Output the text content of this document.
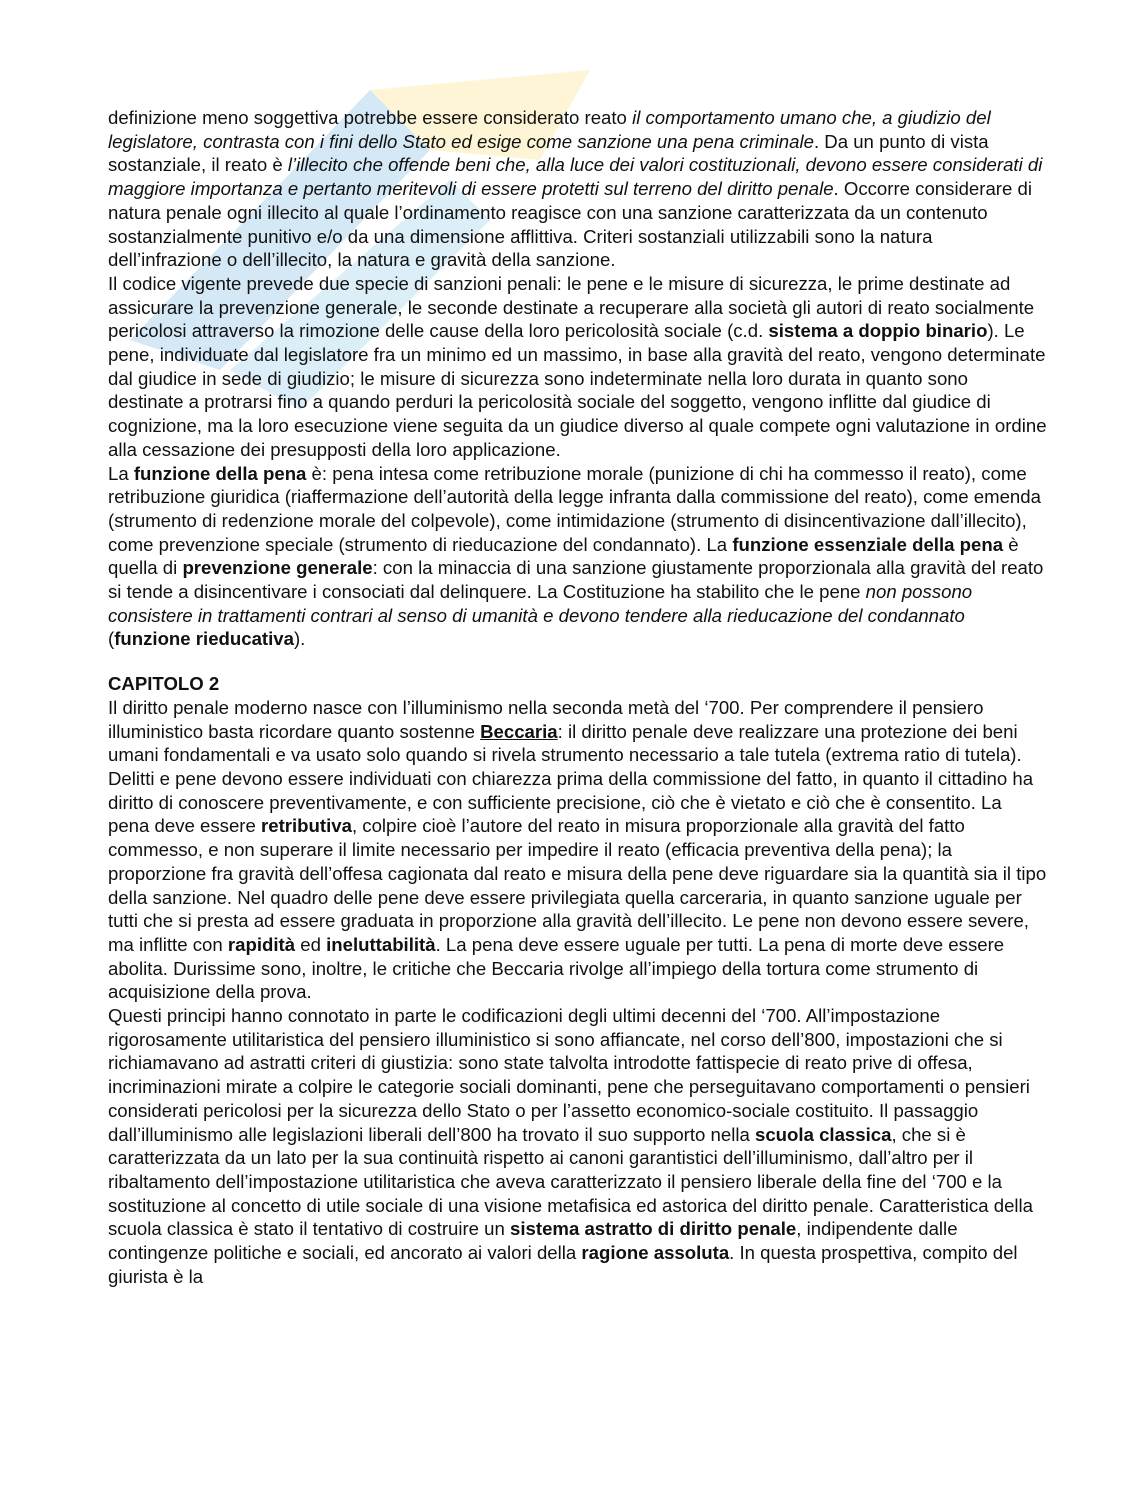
definizione meno soggettiva potrebbe essere considerato reato il comportamento umano che, a giudizio del legislatore, contrasta con i fini dello Stato ed esige come sanzione una pena criminale. Da un punto di vista sostanziale, il reato è l’illecito che offende beni che, alla luce dei valori costituzionali, devono essere considerati di maggiore importanza e pertanto meritevoli di essere protetti sul terreno del diritto penale. Occorre considerare di natura penale ogni illecito al quale l’ordinamento reagisce con una sanzione caratterizzata da un contenuto sostanzialmente punitivo e/o da una dimensione afflittiva. Criteri sostanziali utilizzabili sono la natura dell’infrazione o dell’illecito, la natura e gravità della sanzione.

Il codice vigente prevede due specie di sanzioni penali: le pene e le misure di sicurezza, le prime destinate ad assicurare la prevenzione generale, le seconde destinate a recuperare alla società gli autori di reato socialmente pericolosi attraverso la rimozione delle cause della loro pericolosità sociale (c.d. sistema a doppio binario). Le pene, individuate dal legislatore fra un minimo ed un massimo, in base alla gravità del reato, vengono determinate dal giudice in sede di giudizio; le misure di sicurezza sono indeterminate nella loro durata in quanto sono destinate a protrarsi fino a quando perduri la pericolosità sociale del soggetto, vengono inflitte dal giudice di cognizione, ma la loro esecuzione viene seguita da un giudice diverso al quale compete ogni valutazione in ordine alla cessazione dei presupposti della loro applicazione.

La funzione della pena è: pena intesa come retribuzione morale (punizione di chi ha commesso il reato), come retribuzione giuridica (riaffermazione dell’autorità della legge infranta dalla commissione del reato), come emenda (strumento di redenzione morale del colpevole), come intimidazione (strumento di disincentivazione dall’illecito), come prevenzione speciale (strumento di rieducazione del condannato). La funzione essenziale della pena è quella di prevenzione generale: con la minaccia di una sanzione giustamente proporzionala alla gravità del reato si tende a disincentivare i consociati dal delinquere. La Costituzione ha stabilito che le pene non possono consistere in trattamenti contrari al senso di umanità e devono tendere alla rieducazione del condannato (funzione rieducativa).

CAPITOLO 2

Il diritto penale moderno nasce con l’illuminismo nella seconda metà del ‘700. Per comprendere il pensiero illuministico basta ricordare quanto sostenne Beccaria: il diritto penale deve realizzare una protezione dei beni umani fondamentali e va usato solo quando si rivela strumento necessario a tale tutela (extrema ratio di tutela). Delitti e pene devono essere individuati con chiarezza prima della commissione del fatto, in quanto il cittadino ha diritto di conoscere preventivamente, e con sufficiente precisione, ciò che è vietato e ciò che è consentito. La pena deve essere retributiva, colpire cioè l’autore del reato in misura proporzionale alla gravità del fatto commesso, e non superare il limite necessario per impedire il reato (efficacia preventiva della pena); la proporzione fra gravità dell’offesa cagionata dal reato e misura della pene deve riguardare sia la quantità sia il tipo della sanzione. Nel quadro delle pene deve essere privilegiata quella carceraria, in quanto sanzione uguale per tutti che si presta ad essere graduata in proporzione alla gravità dell’illecito. Le pene non devono essere severe, ma inflitte con rapidità ed ineluttabilità. La pena deve essere uguale per tutti. La pena di morte deve essere abolita. Durissime sono, inoltre, le critiche che Beccaria rivolge all’impiego della tortura come strumento di acquisizione della prova.

Questi principi hanno connotato in parte le codificazioni degli ultimi decenni del ‘700. All’impostazione rigorosamente utilitaristica del pensiero illuministico si sono affiancate, nel corso dell’800, impostazioni che si richiamavano ad astratti criteri di giustizia: sono state talvolta introdotte fattispecie di reato prive di offesa, incriminazioni mirate a colpire le categorie sociali dominanti, pene che perseguitavano comportamenti o pensieri considerati pericolosi per la sicurezza dello Stato o per l’assetto economico-sociale costituito. Il passaggio dall’illuminismo alle legislazioni liberali dell’800 ha trovato il suo supporto nella scuola classica, che si è caratterizzata da un lato per la sua continuità rispetto ai canoni garantistici dell’illuminismo, dall’altro per il ribaltamento dell’impostazione utilitaristica che aveva caratterizzato il pensiero liberale della fine del ‘700 e la sostituzione al concetto di utile sociale di una visione metafisica ed astorica del diritto penale. Caratteristica della scuola classica è stato il tentativo di costruire un sistema astratto di diritto penale, indipendente dalle contingenze politiche e sociali, ed ancorato ai valori della ragione assoluta. In questa prospettiva, compito del giurista è la
